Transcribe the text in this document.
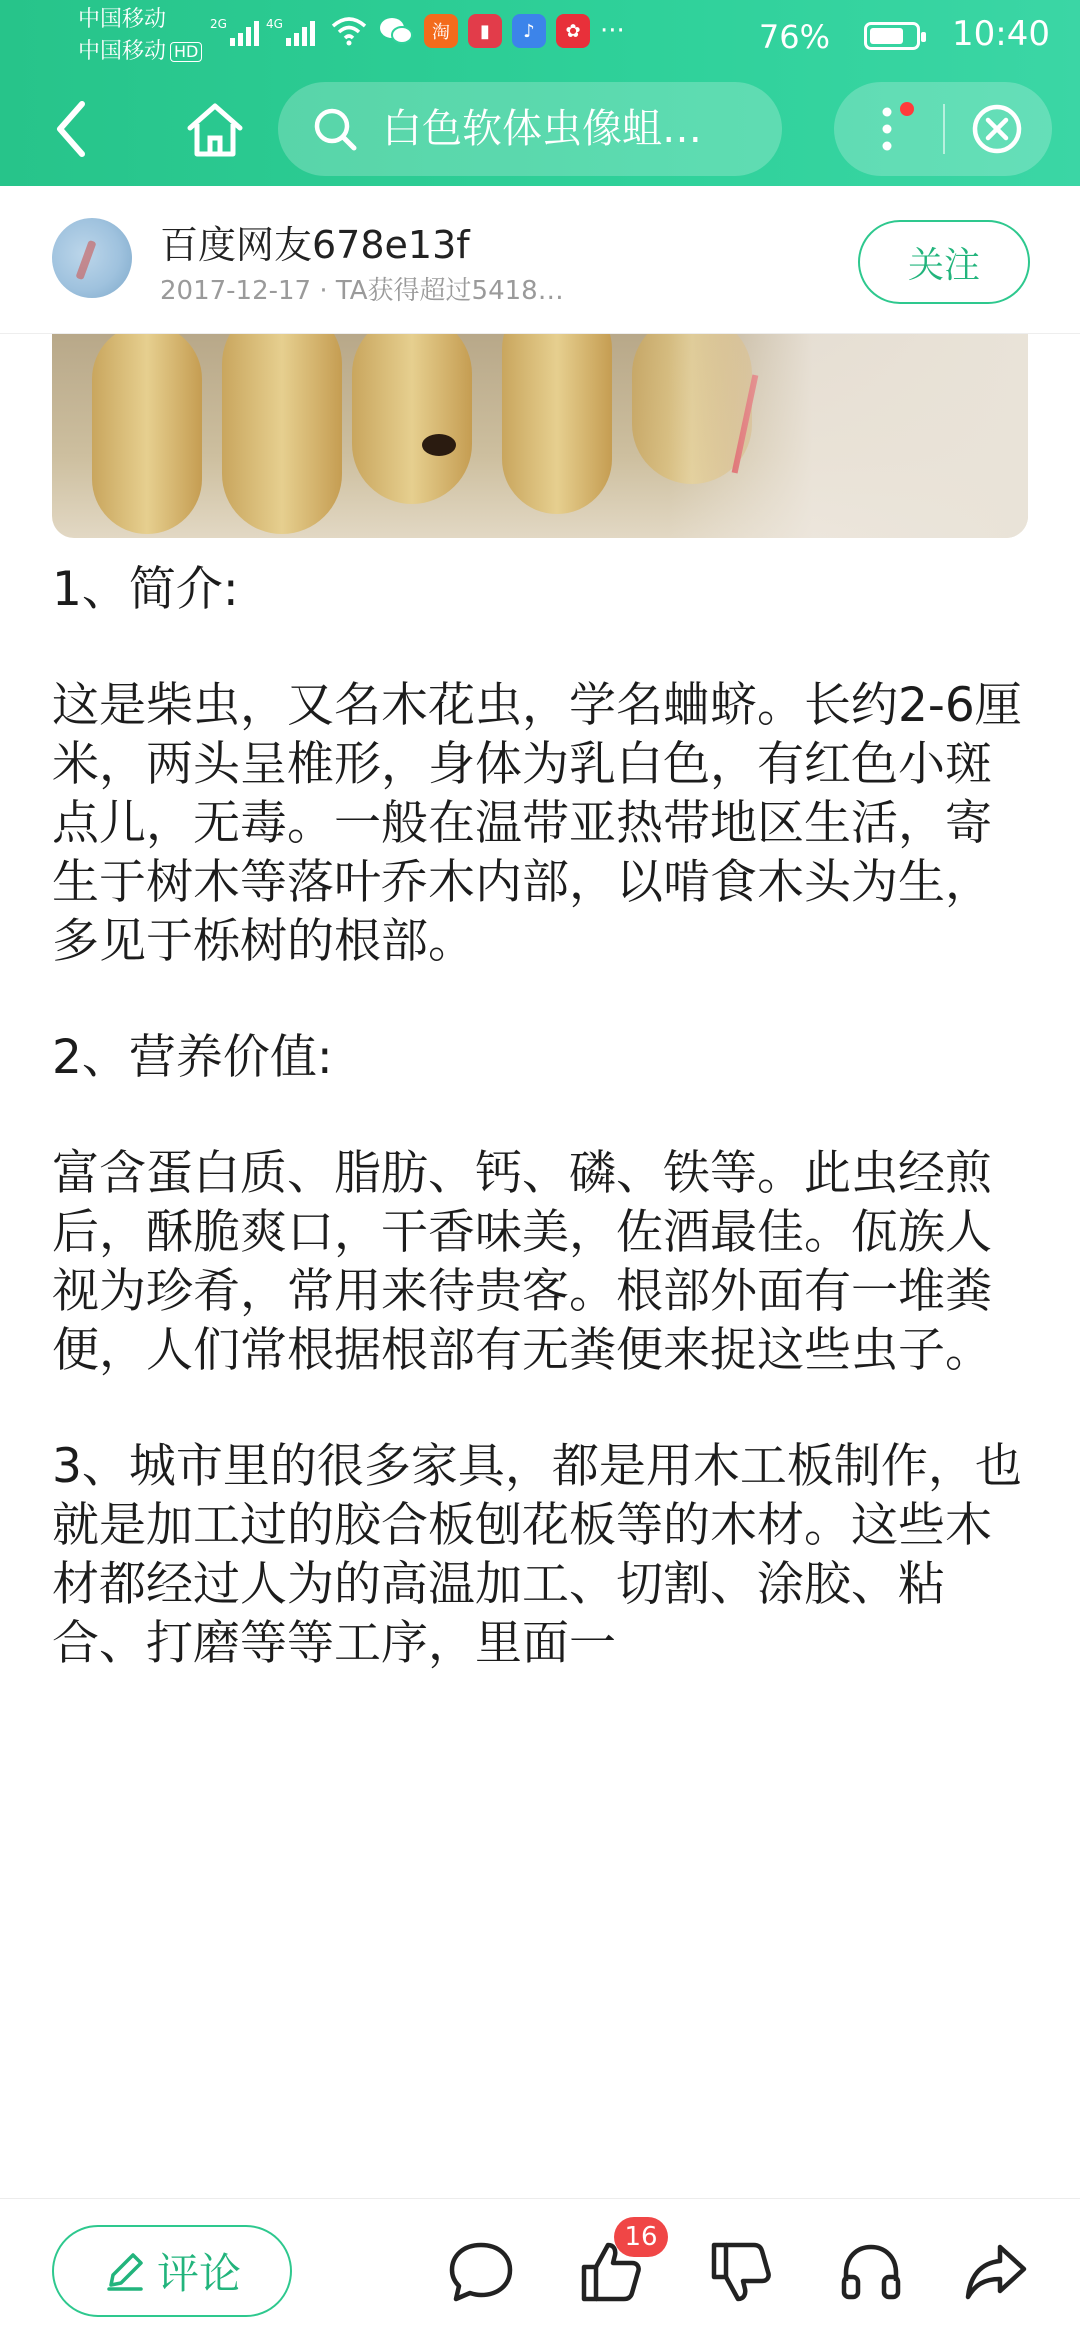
中国移动
中国移动 HD
2G	4G	淘	▮	♪	✿ ···	76%	10:40
白色软体虫像蛆…
百度网友678e13f
2017-12-17 · TA获得超过5418…
关注

1、简介:

这是柴虫，又名木花虫，学名蛐蛴。长约2-6厘米，两头呈椎形，身体为乳白色，有红色小斑点儿，无毒。一般在温带亚热带地区生活，寄生于树木等落叶乔木内部，以啃食木头为生，多见于栎树的根部。

2、营养价值:

富含蛋白质、脂肪、钙、磷、铁等。此虫经煎后，酥脆爽口，干香味美，佐酒最佳。佤族人视为珍肴，常用来待贵客。根部外面有一堆粪便，人们常根据根部有无粪便来捉这些虫子。

3、城市里的很多家具，都是用木工板制作，也就是加工过的胶合板刨花板等的木材。这些木材都经过人为的高温加工、切割、涂胶、粘合、打磨等等工序，里面一

评论
16
